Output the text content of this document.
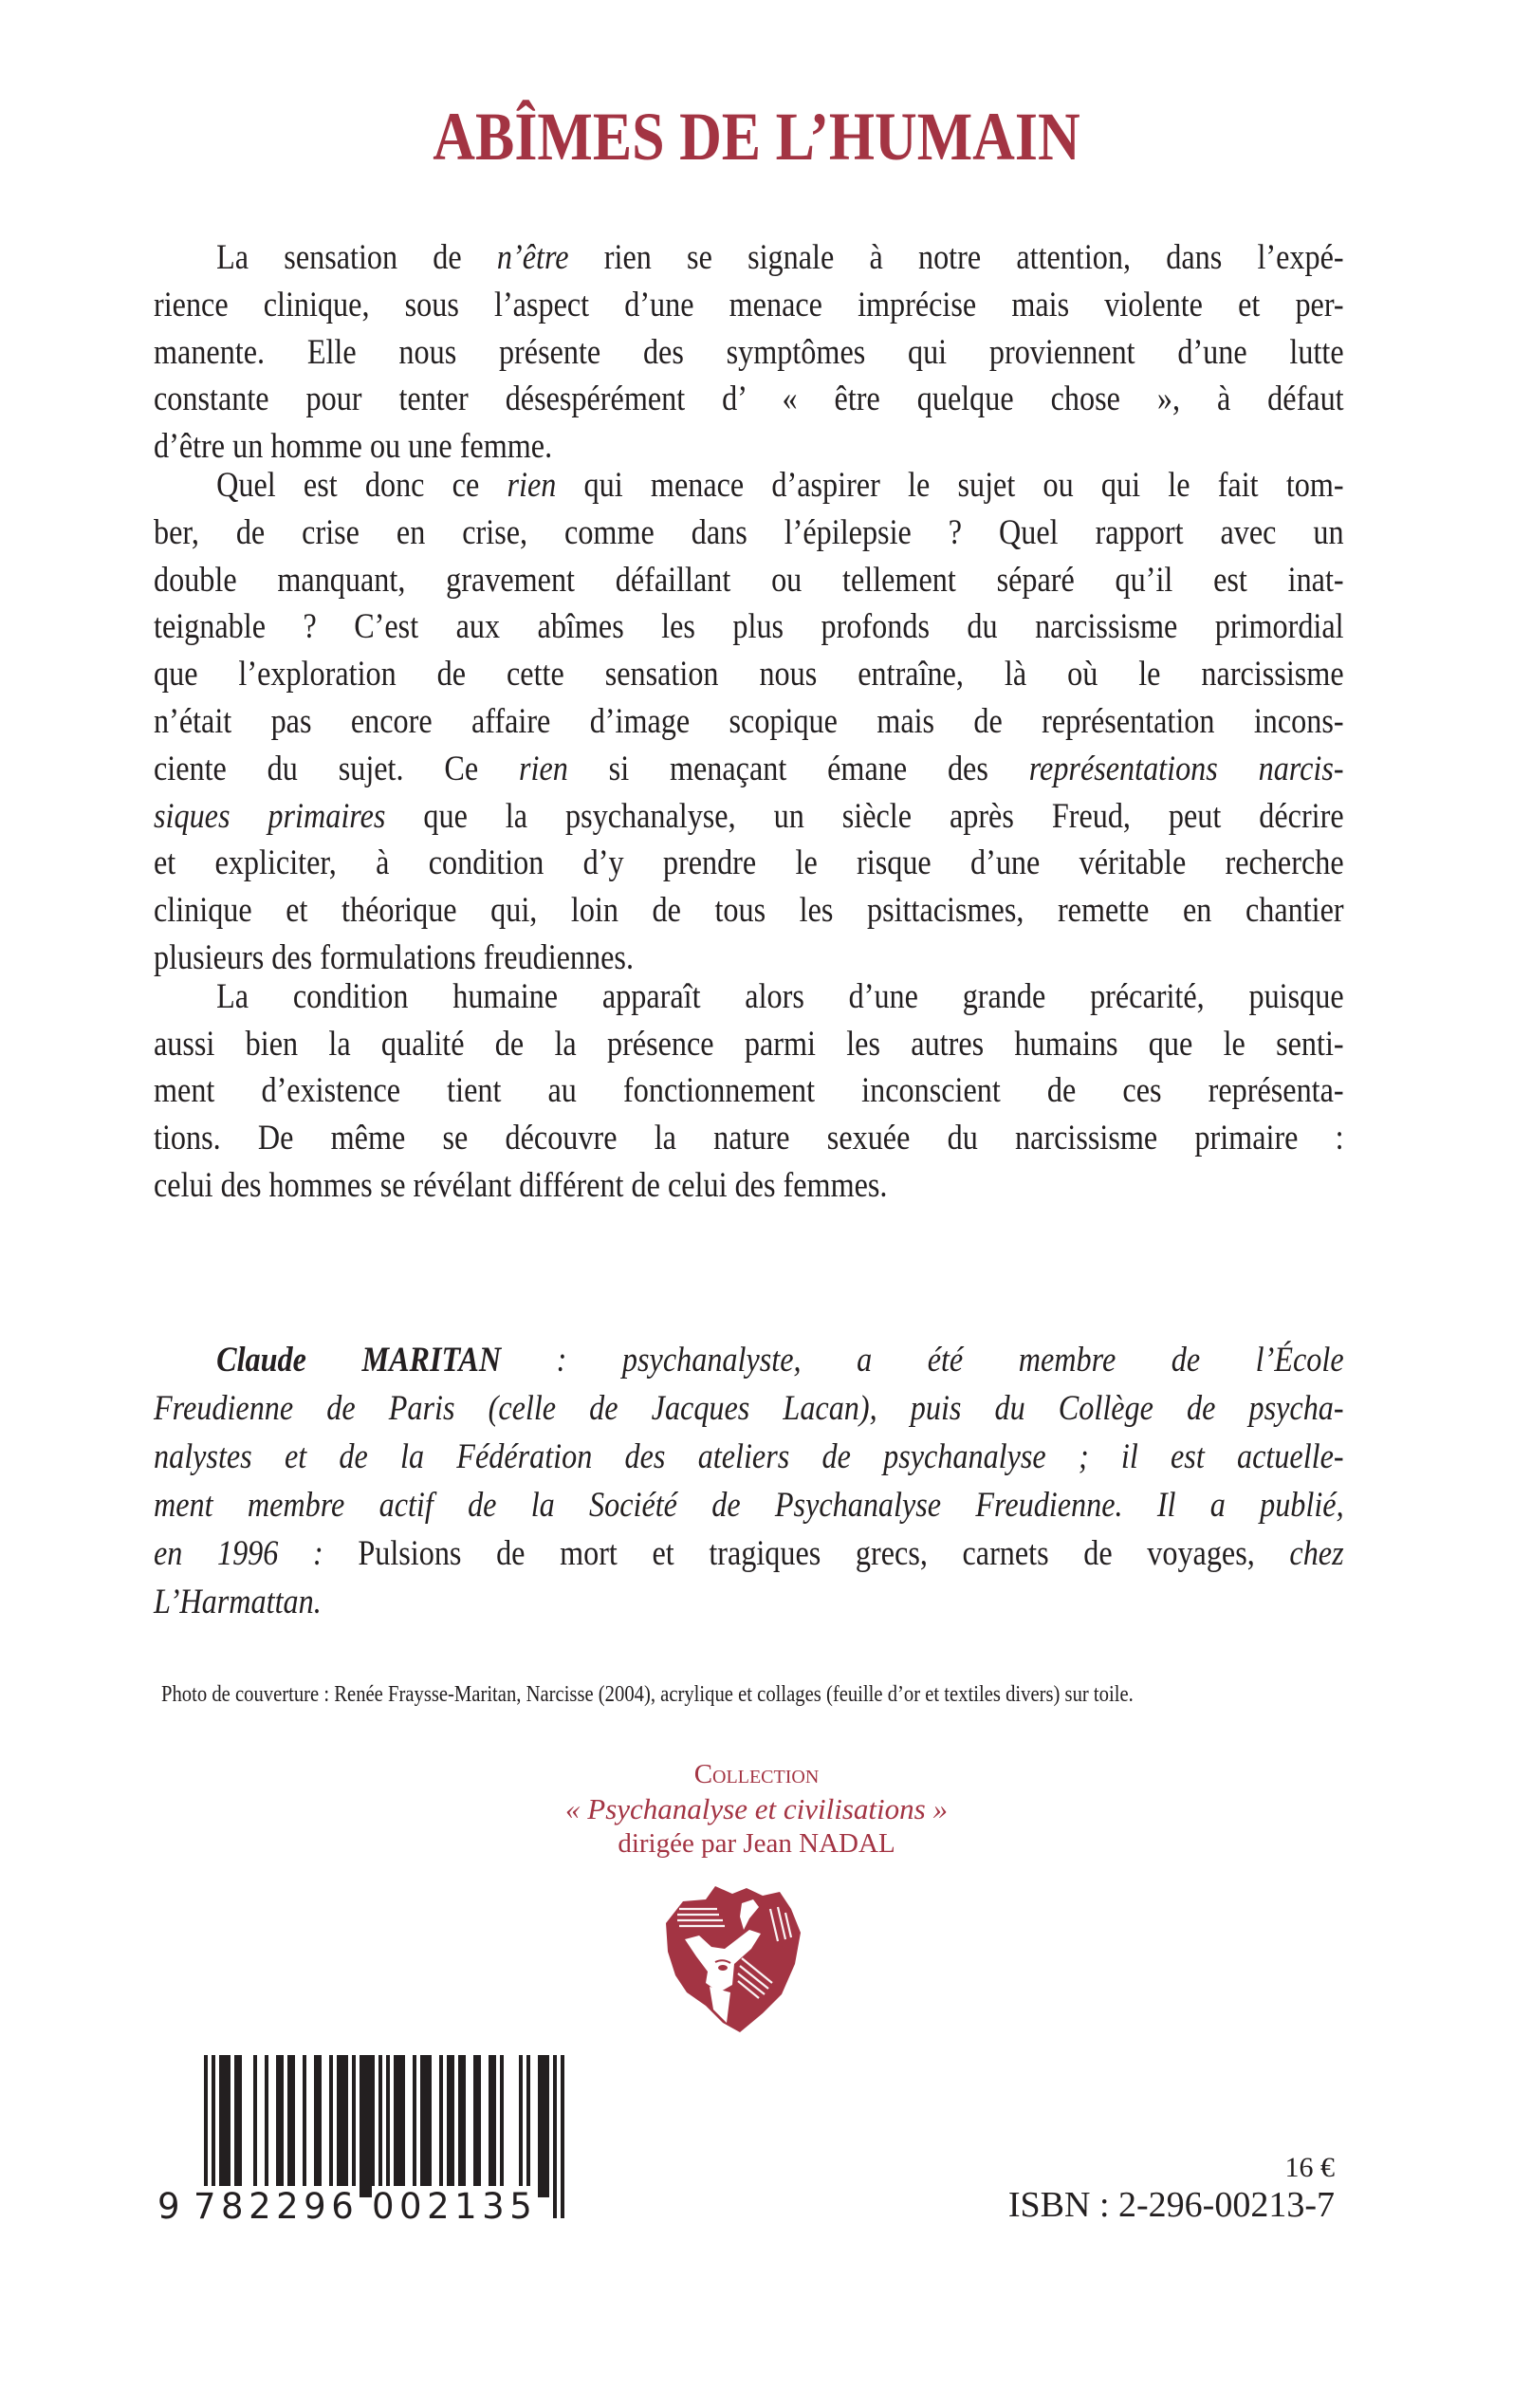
ABÎMES DE L’HUMAIN
La sensation de n’être rien se signale à notre attention, dans l’expé-
rience clinique, sous l’aspect d’une menace imprécise mais violente et per-
manente. Elle nous présente des symptômes qui proviennent d’une lutte
constante pour tenter désespérément d’ « être quelque chose », à défaut
d’être un homme ou une femme.
Quel est donc ce rien qui menace d’aspirer le sujet ou qui le fait tom-
ber, de crise en crise, comme dans l’épilepsie ? Quel rapport avec un
double manquant, gravement défaillant ou tellement séparé qu’il est inat-
teignable ? C’est aux abîmes les plus profonds du narcissisme primordial
que l’exploration de cette sensation nous entraîne, là où le narcissisme
n’était pas encore affaire d’image scopique mais de représentation incons-
ciente du sujet. Ce rien si menaçant émane des représentations narcis-
siques primaires que la psychanalyse, un siècle après Freud, peut décrire
et expliciter, à condition d’y prendre le risque d’une véritable recherche
clinique et théorique qui, loin de tous les psittacismes, remette en chantier
plusieurs des formulations freudiennes.
La condition humaine apparaît alors d’une grande précarité, puisque
aussi bien la qualité de la présence parmi les autres humains que le senti-
ment d’existence tient au fonctionnement inconscient de ces représenta-
tions. De même se découvre la nature sexuée du narcissisme primaire :
celui des hommes se révélant différent de celui des femmes.
Claude MARITAN : psychanalyste, a été membre de l’École
Freudienne de Paris (celle de Jacques Lacan), puis du Collège de psycha-
nalystes et de la Fédération des ateliers de psychanalyse ; il est actuelle-
ment membre actif de la Société de Psychanalyse Freudienne. Il a publié,
en 1996 : Pulsions de mort et tragiques grecs, carnets de voyages, chez
L’Harmattan.
Photo de couverture : Renée Fraysse-Maritan, Narcisse (2004), acrylique et collages (feuille d’or et textiles divers) sur toile.
Collection
« Psychanalyse et civilisations »
dirigée par Jean NADAL
9 782296 002135
16 €
ISBN : 2-296-00213-7
